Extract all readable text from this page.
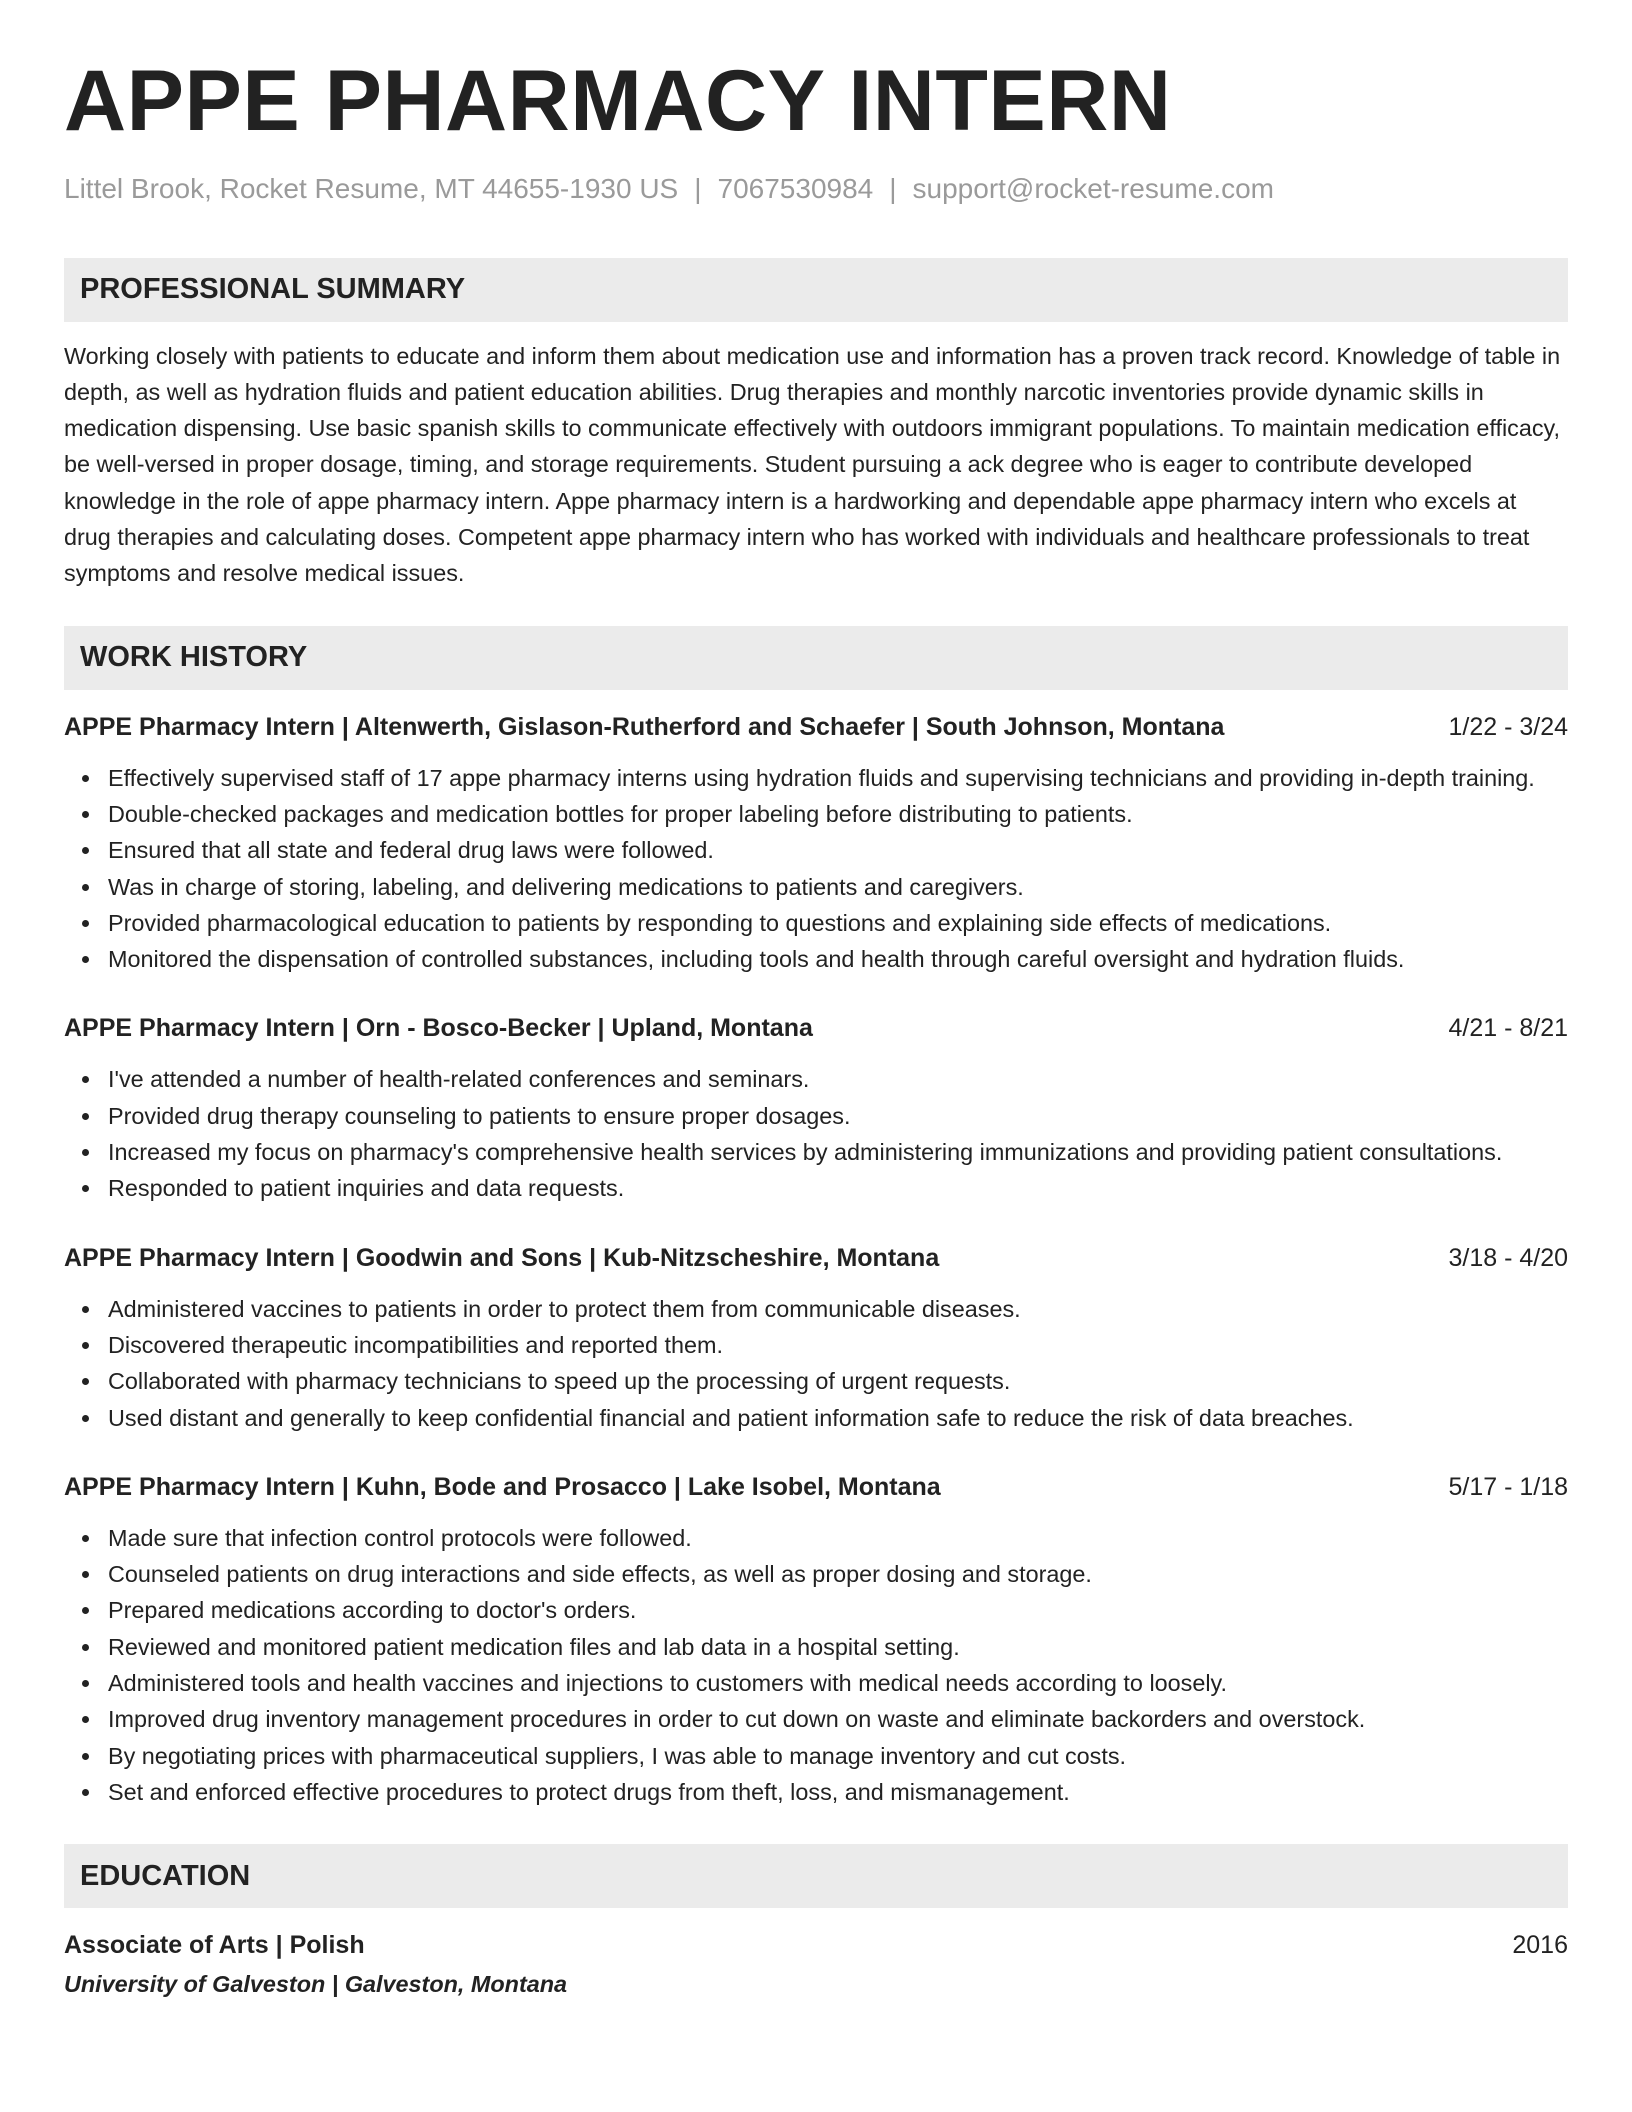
APPE PHARMACY INTERN
Littel Brook, Rocket Resume, MT 44655-1930 US | 7067530984 | support@rocket-resume.com
PROFESSIONAL SUMMARY
Working closely with patients to educate and inform them about medication use and information has a proven track record. Knowledge of table in depth, as well as hydration fluids and patient education abilities. Drug therapies and monthly narcotic inventories provide dynamic skills in medication dispensing. Use basic spanish skills to communicate effectively with outdoors immigrant populations. To maintain medication efficacy, be well-versed in proper dosage, timing, and storage requirements. Student pursuing a ack degree who is eager to contribute developed knowledge in the role of appe pharmacy intern. Appe pharmacy intern is a hardworking and dependable appe pharmacy intern who excels at drug therapies and calculating doses. Competent appe pharmacy intern who has worked with individuals and healthcare professionals to treat symptoms and resolve medical issues.
WORK HISTORY
APPE Pharmacy Intern | Altenwerth, Gislason-Rutherford and Schaefer | South Johnson, Montana	1/22 - 3/24
Effectively supervised staff of 17 appe pharmacy interns using hydration fluids and supervising technicians and providing in-depth training.
Double-checked packages and medication bottles for proper labeling before distributing to patients.
Ensured that all state and federal drug laws were followed.
Was in charge of storing, labeling, and delivering medications to patients and caregivers.
Provided pharmacological education to patients by responding to questions and explaining side effects of medications.
Monitored the dispensation of controlled substances, including tools and health through careful oversight and hydration fluids.
APPE Pharmacy Intern | Orn - Bosco-Becker | Upland, Montana	4/21 - 8/21
I've attended a number of health-related conferences and seminars.
Provided drug therapy counseling to patients to ensure proper dosages.
Increased my focus on pharmacy's comprehensive health services by administering immunizations and providing patient consultations.
Responded to patient inquiries and data requests.
APPE Pharmacy Intern | Goodwin and Sons | Kub-Nitzscheshire, Montana	3/18 - 4/20
Administered vaccines to patients in order to protect them from communicable diseases.
Discovered therapeutic incompatibilities and reported them.
Collaborated with pharmacy technicians to speed up the processing of urgent requests.
Used distant and generally to keep confidential financial and patient information safe to reduce the risk of data breaches.
APPE Pharmacy Intern | Kuhn, Bode and Prosacco | Lake Isobel, Montana	5/17 - 1/18
Made sure that infection control protocols were followed.
Counseled patients on drug interactions and side effects, as well as proper dosing and storage.
Prepared medications according to doctor's orders.
Reviewed and monitored patient medication files and lab data in a hospital setting.
Administered tools and health vaccines and injections to customers with medical needs according to loosely.
Improved drug inventory management procedures in order to cut down on waste and eliminate backorders and overstock.
By negotiating prices with pharmaceutical suppliers, I was able to manage inventory and cut costs.
Set and enforced effective procedures to protect drugs from theft, loss, and mismanagement.
EDUCATION
Associate of Arts | Polish	2016
University of Galveston | Galveston, Montana
